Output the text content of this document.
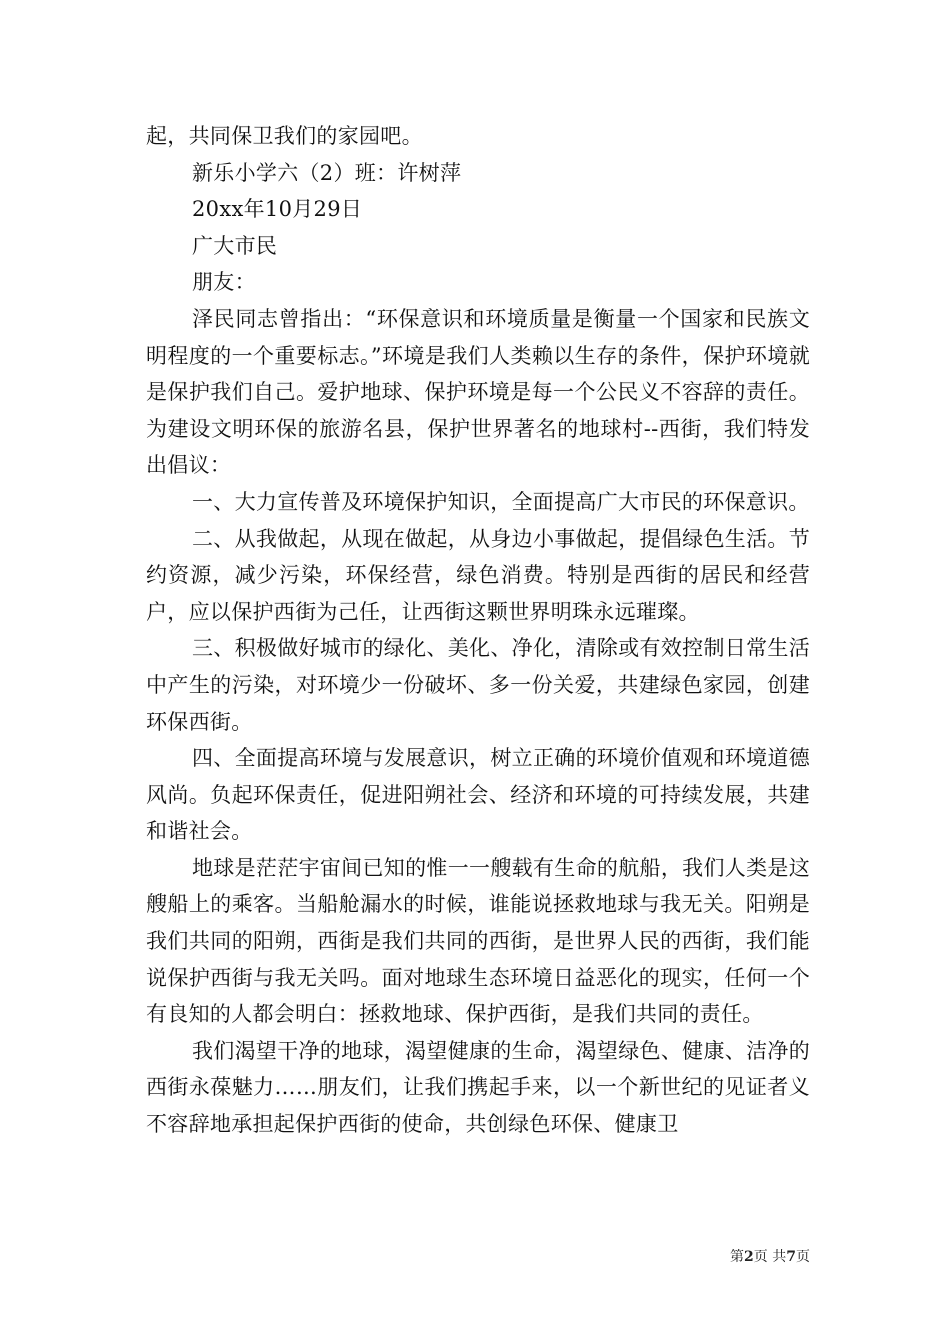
起，共同保卫我们的家园吧。

新乐小学六（2）班：许树萍

20xx年10月29日

广大市民

朋友：

泽民同志曾指出：“环保意识和环境质量是衡量一个国家和民族文明程度的一个重要标志。”环境是我们人类赖以生存的条件，保护环境就是保护我们自己。爱护地球、保护环境是每一个公民义不容辞的责任。为建设文明环保的旅游名县，保护世界著名的地球村--西街，我们特发出倡议：

一、大力宣传普及环境保护知识，全面提高广大市民的环保意识。

二、从我做起，从现在做起，从身边小事做起，提倡绿色生活。节约资源，减少污染，环保经营，绿色消费。特别是西街的居民和经营户，应以保护西街为己任，让西街这颗世界明珠永远璀璨。

三、积极做好城市的绿化、美化、净化，清除或有效控制日常生活中产生的污染，对环境少一份破坏、多一份关爱，共建绿色家园，创建环保西街。

四、全面提高环境与发展意识，树立正确的环境价值观和环境道德风尚。负起环保责任，促进阳朔社会、经济和环境的可持续发展，共建和谐社会。

地球是茫茫宇宙间已知的惟一一艘载有生命的航船，我们人类是这艘船上的乘客。当船舱漏水的时候，谁能说拯救地球与我无关。阳朔是我们共同的阳朔，西街是我们共同的西街，是世界人民的西街，我们能说保护西街与我无关吗。面对地球生态环境日益恶化的现实，任何一个有良知的人都会明白：拯救地球、保护西街，是我们共同的责任。

我们渴望干净的地球，渴望健康的生命，渴望绿色、健康、洁净的西街永葆魅力……朋友们，让我们携起手来，以一个新世纪的见证者义不容辞地承担起保护西街的使命，共创绿色环保、健康卫

第2页 共7页
